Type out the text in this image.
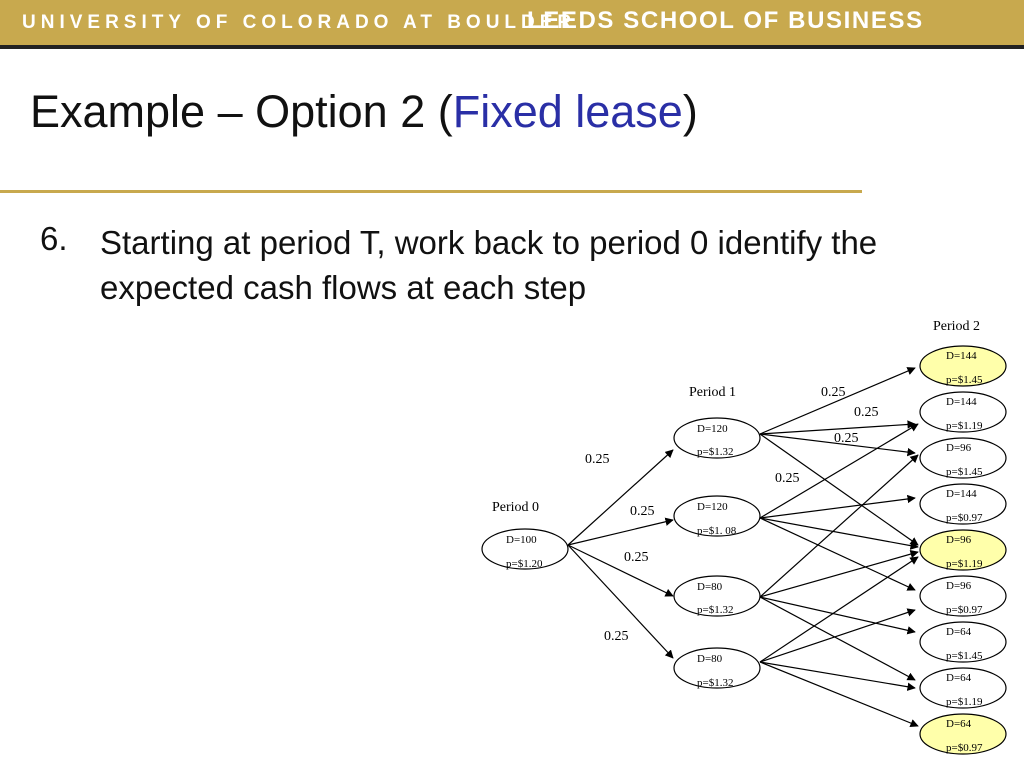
UNIVERSITY OF COLORADO AT BOULDER
LEEDS SCHOOL OF BUSINESS
Example – Option 2 (Fixed lease)
6. Starting at period T, work back to period 0 identify the expected cash flows at each step
Period 0
Period 1
Period 2
0.25
0.25
0.25
0.25
0.25
0.25
0.25
0.25
D=100
p=$1.20
D=120
p=$1.32
D=120
p=$1. 08
D=80
p=$1.32
D=80
p=$1.32
D=144
p=$1.45
D=144
p=$1.19
D=96
p=$1.45
D=144
p=$0.97
D=96
p=$1.19
D=96
p=$0.97
D=64
p=$1.45
D=64
p=$1.19
D=64
p=$0.97
